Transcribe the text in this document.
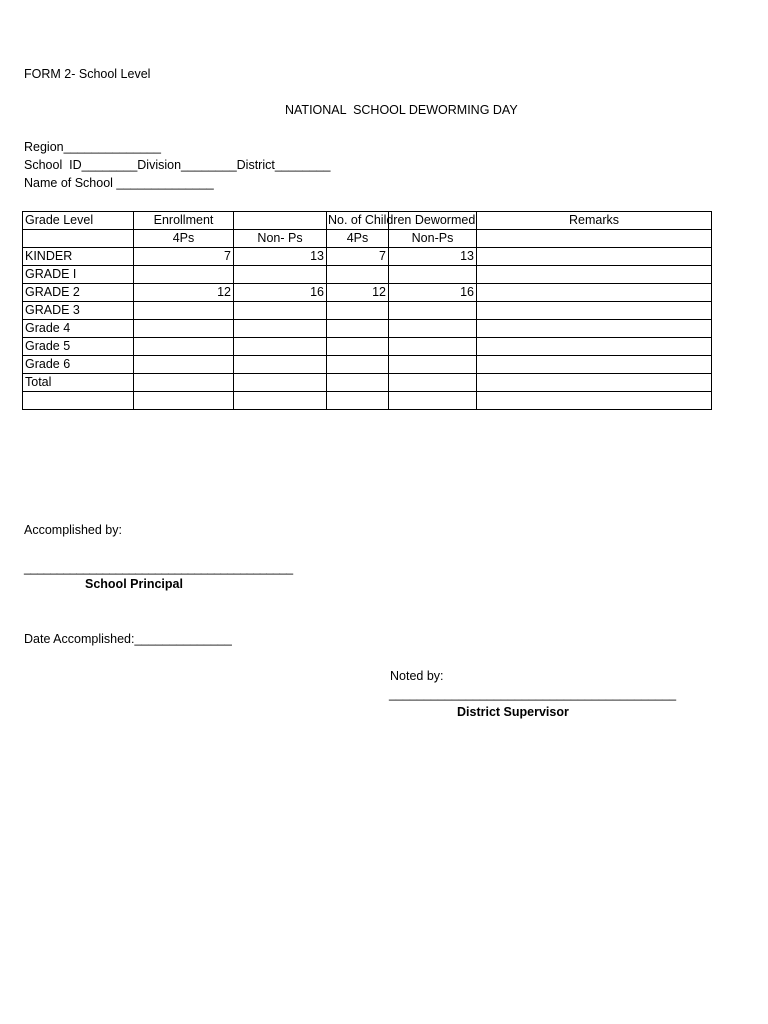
FORM 2- School Level
NATIONAL  SCHOOL DEWORMING DAY
Region______________
School  ID________Division________District________
Name of School ______________
Grade Level	Enrollment		No. of Children Dewormed		Remarks
	4Ps	Non- Ps	4Ps	Non-Ps	
KINDER	7	13	7	13	
GRADE I					
GRADE 2	12	16	12	16	
GRADE 3					
Grade 4					
Grade 5					
Grade 6					
Total					

Accomplished by:
_________________________________________
School Principal
Date Accomplished:______________
Noted by:
_________________________________________
District Supervisor
